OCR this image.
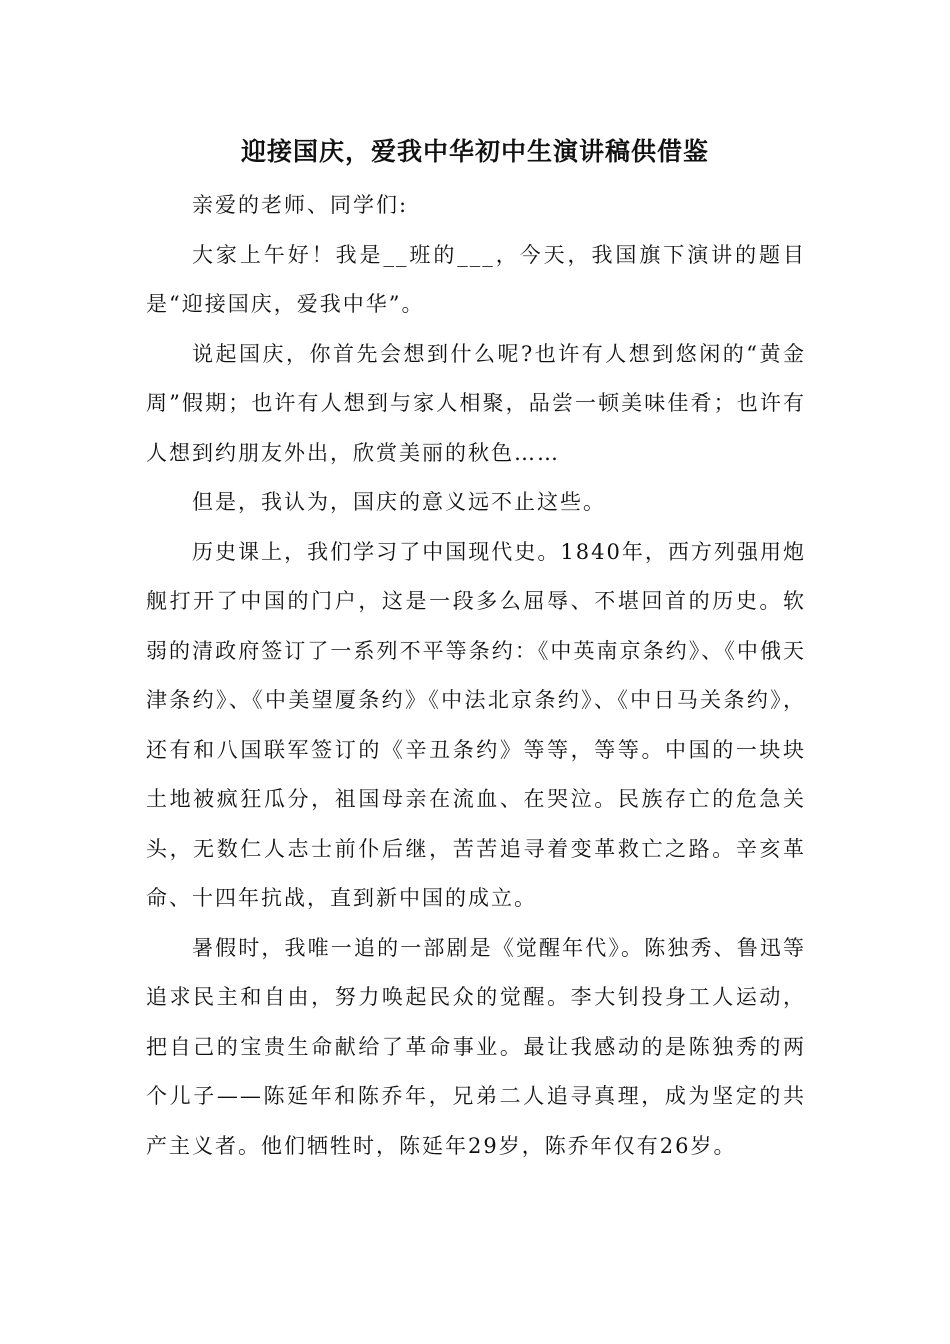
迎接国庆，爱我中华初中生演讲稿供借鉴

亲爱的老师、同学们:

大家上午好！我是__班的___，今天，我国旗下演讲的题目是“迎接国庆，爱我中华”。

说起国庆，你首先会想到什么呢?也许有人想到悠闲的“黄金周”假期；也许有人想到与家人相聚，品尝一顿美味佳肴；也许有人想到约朋友外出，欣赏美丽的秋色……

但是，我认为，国庆的意义远不止这些。

历史课上，我们学习了中国现代史。1840年，西方列强用炮舰打开了中国的门户，这是一段多么屈辱、不堪回首的历史。软弱的清政府签订了一系列不平等条约：《中英南京条约》、《中俄天津条约》、《中美望厦条约》《中法北京条约》、《中日马关条约》，还有和八国联军签订的《辛丑条约》等等，等等。中国的一块块土地被疯狂瓜分，祖国母亲在流血、在哭泣。民族存亡的危急关头，无数仁人志士前仆后继，苦苦追寻着变革救亡之路。辛亥革命、十四年抗战，直到新中国的成立。

暑假时，我唯一追的一部剧是《觉醒年代》。陈独秀、鲁迅等追求民主和自由，努力唤起民众的觉醒。李大钊投身工人运动，把自己的宝贵生命献给了革命事业。最让我感动的是陈独秀的两个儿子——陈延年和陈乔年，兄弟二人追寻真理，成为坚定的共产主义者。他们牺牲时，陈延年29岁，陈乔年仅有26岁。
